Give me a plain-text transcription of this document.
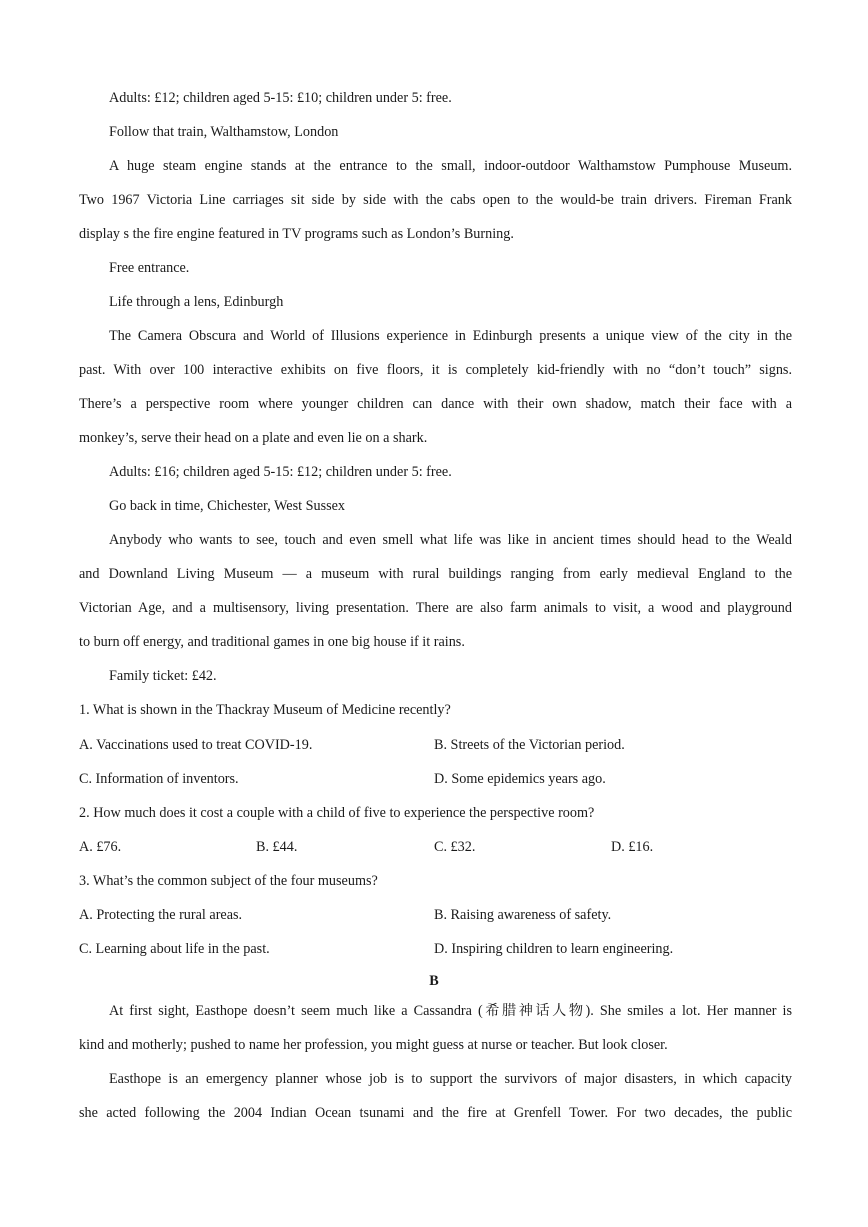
Adults: £12; children aged 5-15: £10; children under 5: free.
Follow that train, Walthamstow, London
A huge steam engine stands at the entrance to the small, indoor-outdoor Walthamstow Pumphouse Museum.
Two 1967 Victoria Line carriages sit side by side with the cabs open to the would-be train drivers. Fireman Frank
display s the fire engine featured in TV programs such as London’s Burning.
Free entrance.
Life through a lens, Edinburgh
The Camera Obscura and World of Illusions experience in Edinburgh presents a unique view of the city in the
past. With over 100 interactive exhibits on five floors, it is completely kid-friendly with no “don’t touch” signs.
There’s a perspective room where younger children can dance with their own shadow, match their face with a
monkey’s, serve their head on a plate and even lie on a shark.
Adults: £16; children aged 5-15: £12; children under 5: free.
Go back in time, Chichester, West Sussex
Anybody who wants to see, touch and even smell what life was like in ancient times should head to the Weald
and Downland Living Museum — a museum with rural buildings ranging from early medieval England to the
Victorian Age, and a multisensory, living presentation. There are also farm animals to visit, a wood and playground
to burn off energy, and traditional games in one big house if it rains.
Family ticket: £42.
1. What is shown in the Thackray Museum of Medicine recently?
A. Vaccinations used to treat COVID-19.	B. Streets of the Victorian period.
C. Information of inventors.	D. Some epidemics years ago.
2. How much does it cost a couple with a child of five to experience the perspective room?
A. £76.	B. £44.	C. £32.	D. £16.
3. What’s the common subject of the four museums?
A. Protecting the rural areas.	B. Raising awareness of safety.
C. Learning about life in the past.	D. Inspiring children to learn engineering.
B
At first sight, Easthope doesn’t seem much like a Cassandra (希腊神话人物). She smiles a lot. Her manner is
kind and motherly; pushed to name her profession, you might guess at nurse or teacher. But look closer.
Easthope is an emergency planner whose job is to support the survivors of major disasters, in which capacity
she acted following the 2004 Indian Ocean tsunami and the fire at Grenfell Tower. For two decades, the public
